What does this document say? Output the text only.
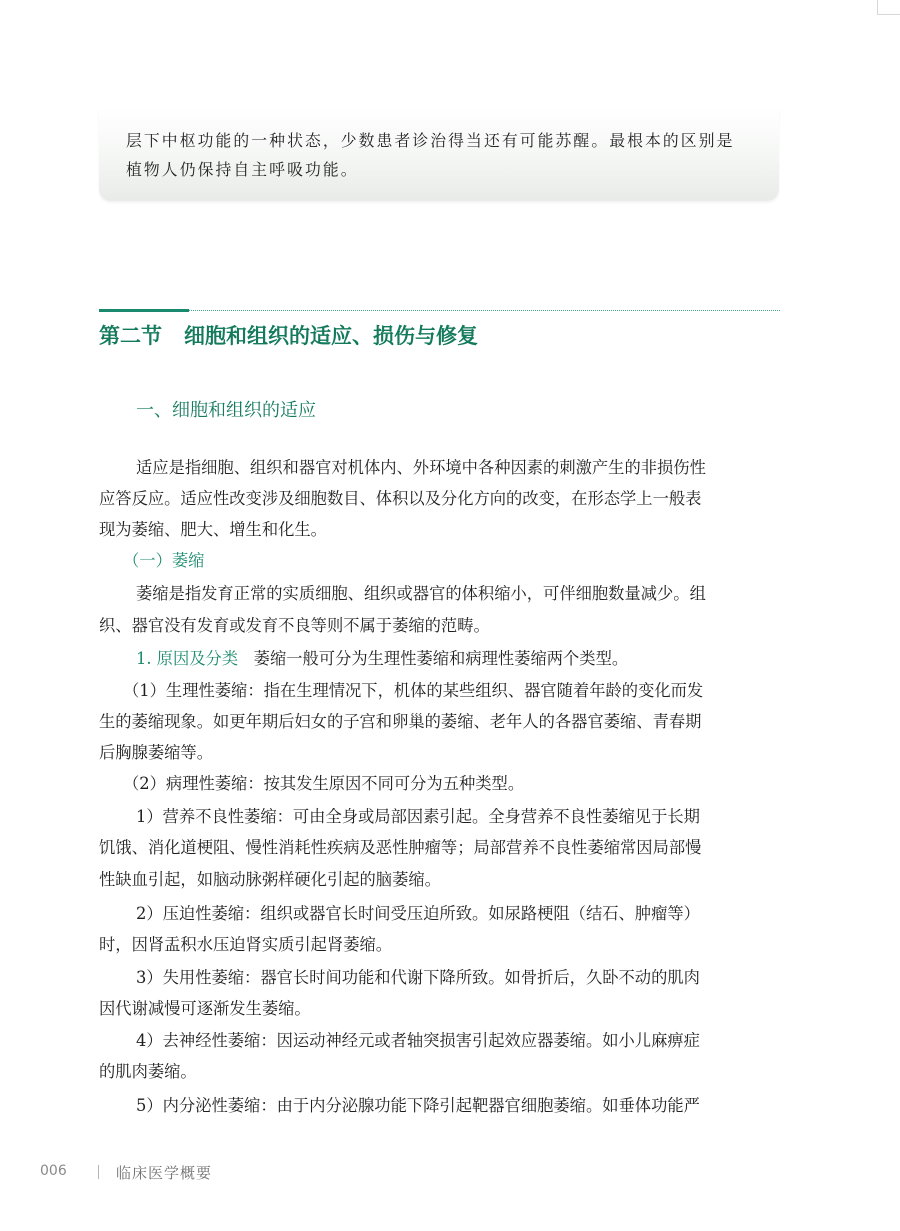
层下中枢功能的一种状态，少数患者诊治得当还有可能苏醒。最根本的区别是
植物人仍保持自主呼吸功能。
第二节 细胞和组织的适应、损伤与修复
一、细胞和组织的适应
适应是指细胞、组织和器官对机体内、外环境中各种因素的刺激产生的非损伤性
应答反应。适应性改变涉及细胞数目、体积以及分化方向的改变，在形态学上一般表
现为萎缩、肥大、增生和化生。
（一）萎缩
萎缩是指发育正常的实质细胞、组织或器官的体积缩小，可伴细胞数量减少。组
织、器官没有发育或发育不良等则不属于萎缩的范畴。
1. 原因及分类 萎缩一般可分为生理性萎缩和病理性萎缩两个类型。
（1）生理性萎缩：指在生理情况下，机体的某些组织、器官随着年龄的变化而发
生的萎缩现象。如更年期后妇女的子宫和卵巢的萎缩、老年人的各器官萎缩、青春期
后胸腺萎缩等。
（2）病理性萎缩：按其发生原因不同可分为五种类型。
1）营养不良性萎缩：可由全身或局部因素引起。全身营养不良性萎缩见于长期
饥饿、消化道梗阻、慢性消耗性疾病及恶性肿瘤等；局部营养不良性萎缩常因局部慢
性缺血引起，如脑动脉粥样硬化引起的脑萎缩。
2）压迫性萎缩：组织或器官长时间受压迫所致。如尿路梗阻（结石、肿瘤等）
时，因肾盂积水压迫肾实质引起肾萎缩。
3）失用性萎缩：器官长时间功能和代谢下降所致。如骨折后，久卧不动的肌肉
因代谢减慢可逐渐发生萎缩。
4）去神经性萎缩：因运动神经元或者轴突损害引起效应器萎缩。如小儿麻痹症
的肌肉萎缩。
5）内分泌性萎缩：由于内分泌腺功能下降引起靶器官细胞萎缩。如垂体功能严
006	临床医学概要
